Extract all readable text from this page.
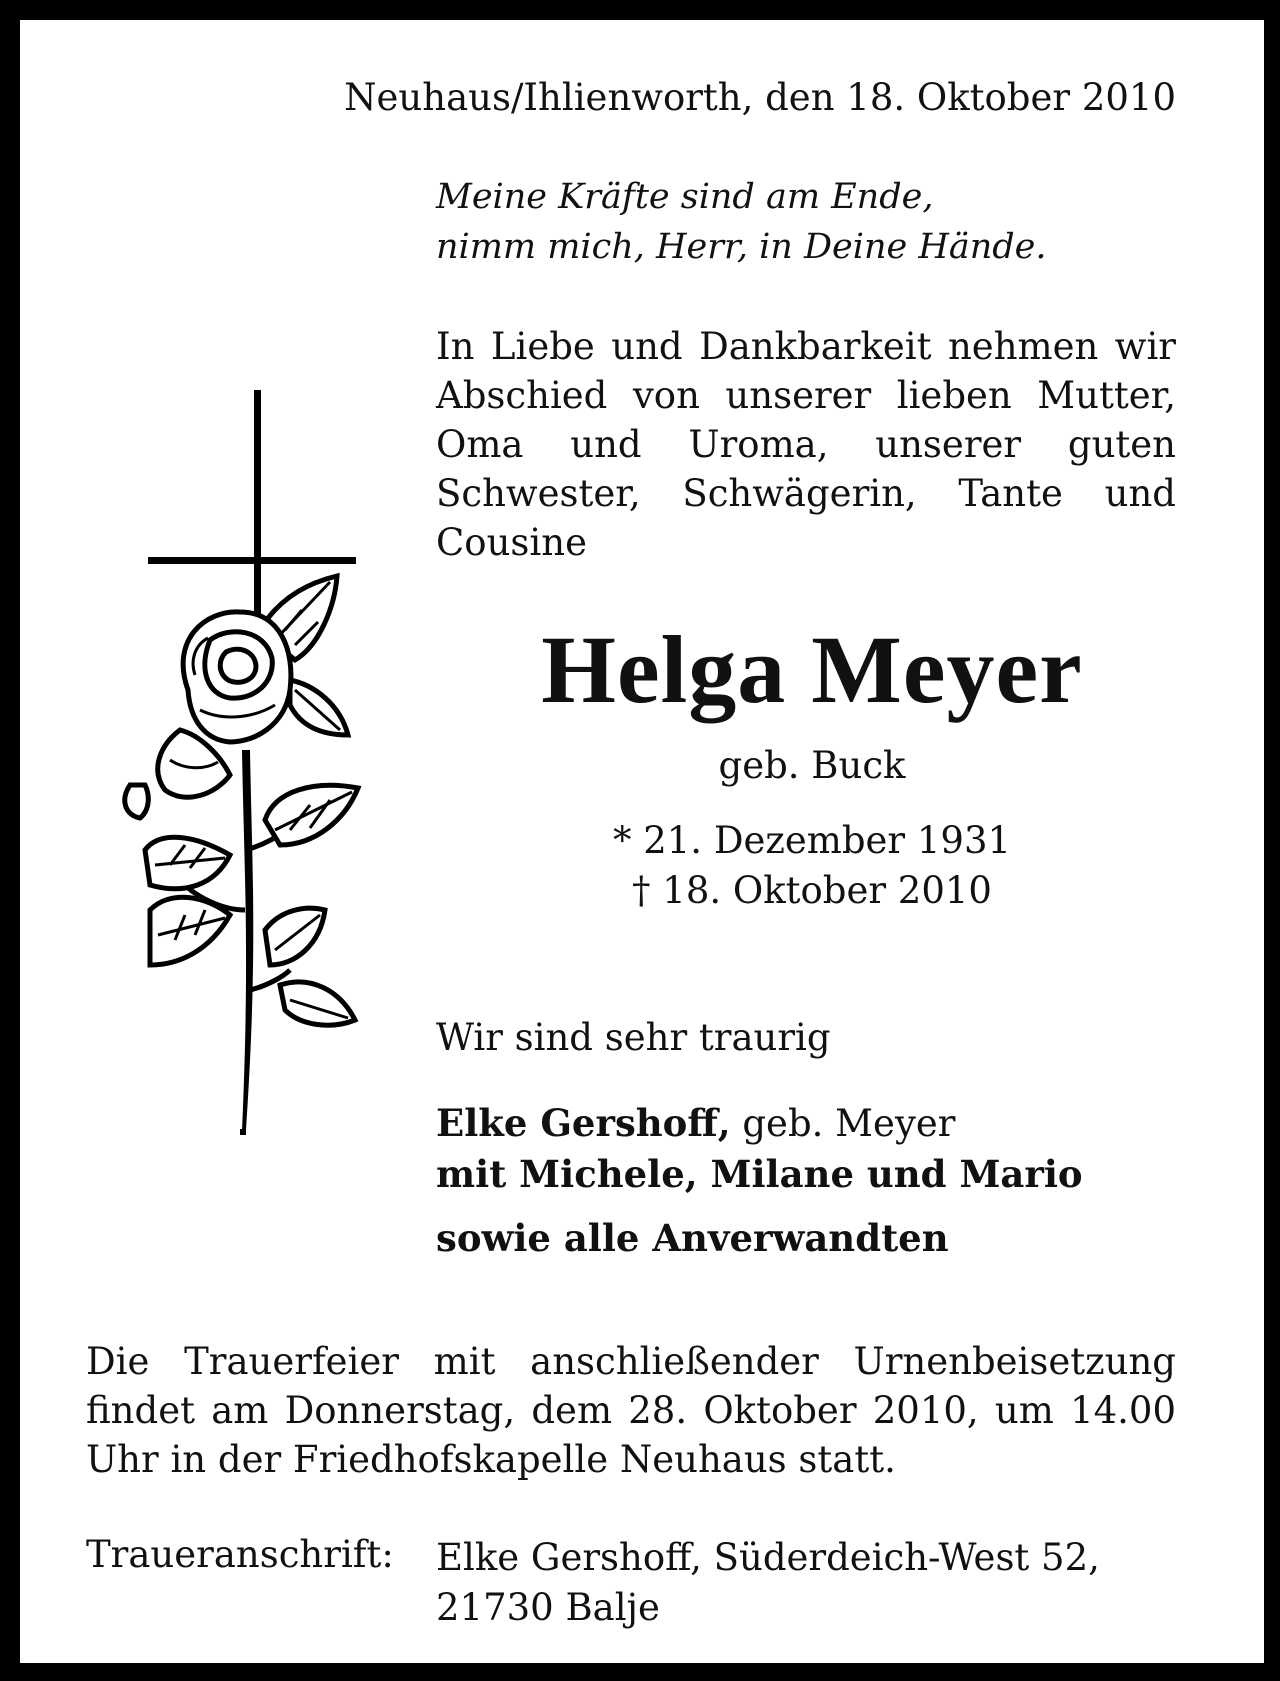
Neuhaus/Ihlienworth, den 18. Oktober 2010
Meine Kräfte sind am Ende,
nimm mich, Herr, in Deine Hände.
In Liebe und Dankbarkeit nehmen wir Abschied von unserer lieben Mutter, Oma und Uroma, unserer guten Schwester, Schwägerin, Tante und Cousine
Helga Meyer
geb. Buck
* 21. Dezember 1931
† 18. Oktober 2010
Wir sind sehr traurig
Elke Gershoff, geb. Meyer
mit Michele, Milane und Mario
sowie alle Anverwandten
Die Trauerfeier mit anschließender Urnenbeisetzung findet am Donnerstag, dem 28. Oktober 2010, um 14.00 Uhr in der Friedhofskapelle Neuhaus statt.
Traueranschrift: Elke Gershoff, Süderdeich-West 52,
21730 Balje
